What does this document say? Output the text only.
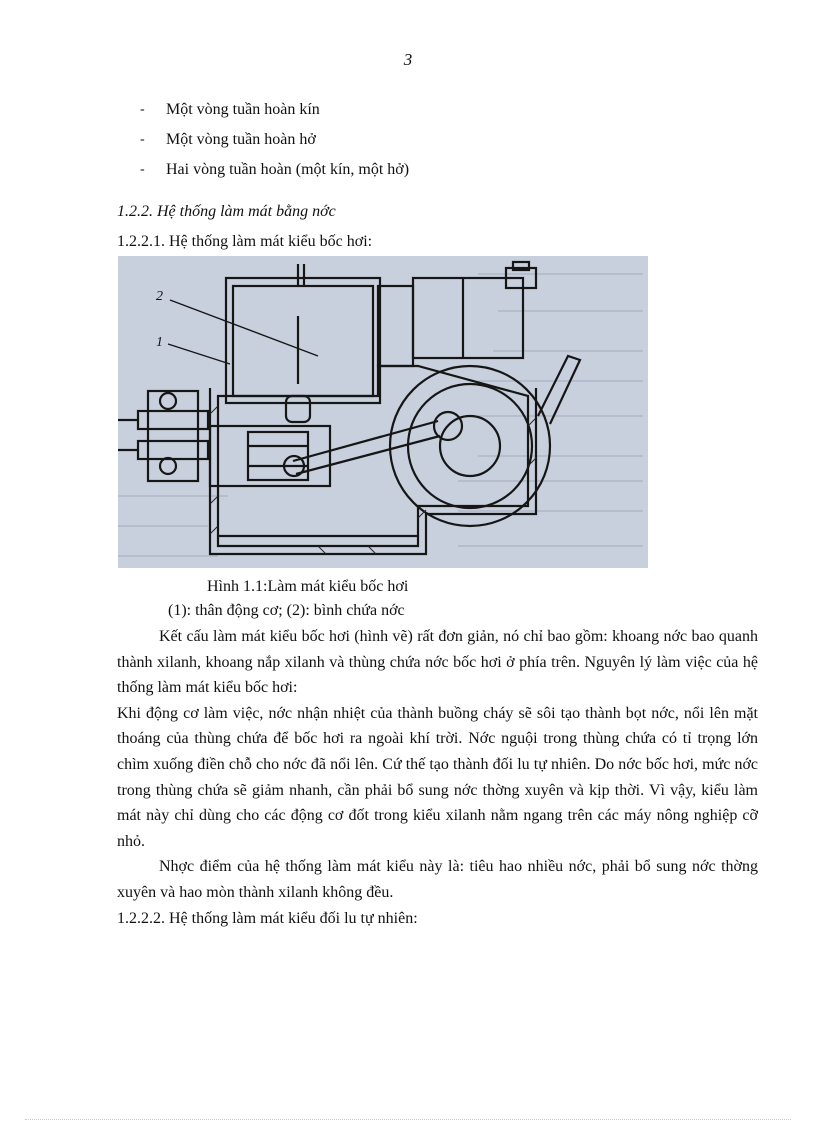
3
- Một vòng tuần hoàn kín
- Một vòng tuần hoàn hở
- Hai vòng tuần hoàn (một kín, một hở)
1.2.2. Hệ thống làm mát bằng nớc
1.2.2.1. Hệ thống làm mát kiểu bốc hơi:
2
1
Hình 1.1:Làm mát kiểu bốc hơi
(1): thân động cơ; (2): bình chứa nớc

Kết cấu làm mát kiểu bốc hơi (hình vẽ) rất đơn giản, nó chỉ bao gồm: khoang nớc bao quanh thành xilanh, khoang nắp xilanh và thùng chứa nớc bốc hơi ở phía trên. Nguyên lý làm việc của hệ thống làm mát kiểu bốc hơi:

Khi động cơ làm việc, nớc nhận nhiệt của thành buồng cháy sẽ sôi tạo thành bọt nớc, nổi lên mặt thoáng của thùng chứa để bốc hơi ra ngoài khí trời. Nớc nguội trong thùng chứa có tỉ trọng lớn chìm xuống điền chỗ cho nớc đã nổi lên. Cứ thế tạo thành đối lu tự nhiên. Do nớc bốc hơi, mức nớc trong thùng chứa sẽ giảm nhanh, cần phải bổ sung nớc thờng xuyên và kịp thời. Vì vậy, kiểu làm mát này chỉ dùng cho các động cơ đốt trong kiểu xilanh nằm ngang trên các máy nông nghiệp cỡ nhỏ.

Nhợc điểm của hệ thống làm mát kiểu này là: tiêu hao nhiều nớc, phải bổ sung nớc thờng xuyên và hao mòn thành xilanh không đều.

1.2.2.2. Hệ thống làm mát kiểu đối lu tự nhiên:
